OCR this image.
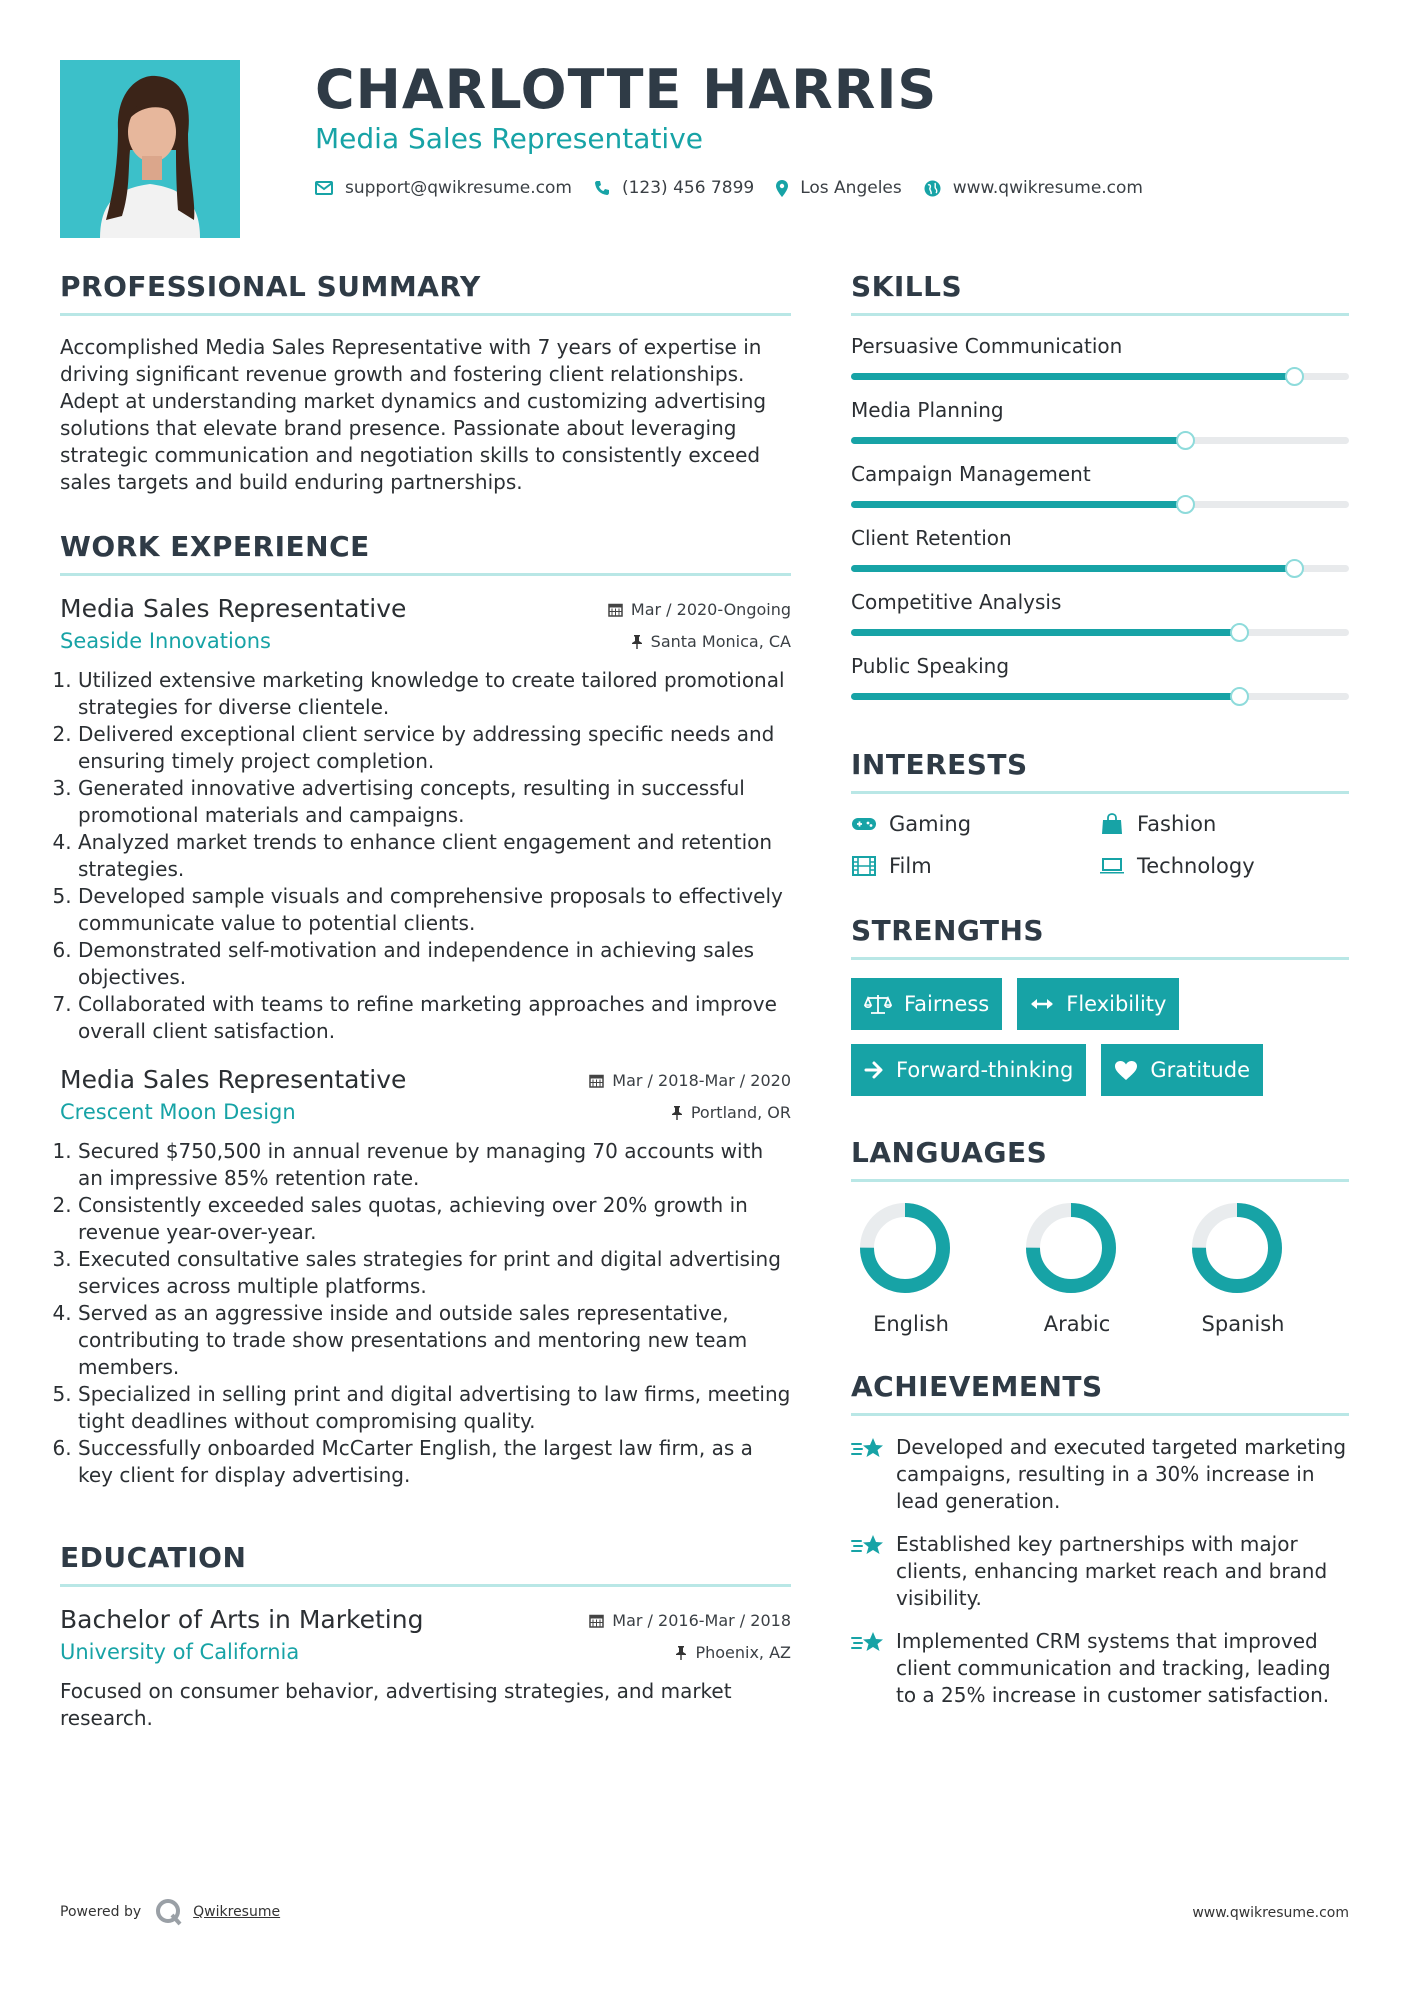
CHARLOTTE HARRIS
Media Sales Representative
support@qwikresume.com	(123) 456 7899	Los Angeles	www.qwikresume.com
PROFESSIONAL SUMMARY
Accomplished Media Sales Representative with 7 years of expertise in driving significant revenue growth and fostering client relationships. Adept at understanding market dynamics and customizing advertising solutions that elevate brand presence. Passionate about leveraging strategic communication and negotiation skills to consistently exceed sales targets and build enduring partnerships.
WORK EXPERIENCE
Media Sales Representative	Mar / 2020-Ongoing
Seaside Innovations	Santa Monica, CA
1. Utilized extensive marketing knowledge to create tailored promotional strategies for diverse clientele.
2. Delivered exceptional client service by addressing specific needs and ensuring timely project completion.
3. Generated innovative advertising concepts, resulting in successful promotional materials and campaigns.
4. Analyzed market trends to enhance client engagement and retention strategies.
5. Developed sample visuals and comprehensive proposals to effectively communicate value to potential clients.
6. Demonstrated self-motivation and independence in achieving sales objectives.
7. Collaborated with teams to refine marketing approaches and improve overall client satisfaction.
Media Sales Representative	Mar / 2018-Mar / 2020
Crescent Moon Design	Portland, OR
1. Secured $750,500 in annual revenue by managing 70 accounts with an impressive 85% retention rate.
2. Consistently exceeded sales quotas, achieving over 20% growth in revenue year-over-year.
3. Executed consultative sales strategies for print and digital advertising services across multiple platforms.
4. Served as an aggressive inside and outside sales representative, contributing to trade show presentations and mentoring new team members.
5. Specialized in selling print and digital advertising to law firms, meeting tight deadlines without compromising quality.
6. Successfully onboarded McCarter English, the largest law firm, as a key client for display advertising.
EDUCATION
Bachelor of Arts in Marketing	Mar / 2016-Mar / 2018
University of California	Phoenix, AZ
Focused on consumer behavior, advertising strategies, and market research.
SKILLS
Persuasive Communication
Media Planning
Campaign Management
Client Retention
Competitive Analysis
Public Speaking
INTERESTS
Gaming	Fashion
Film	Technology
STRENGTHS
Fairness	Flexibility
Forward-thinking	Gratitude
LANGUAGES
English	Arabic	Spanish
ACHIEVEMENTS
Developed and executed targeted marketing campaigns, resulting in a 30% increase in lead generation.
Established key partnerships with major clients, enhancing market reach and brand visibility.
Implemented CRM systems that improved client communication and tracking, leading to a 25% increase in customer satisfaction.
Powered by	Qwikresume	www.qwikresume.com
